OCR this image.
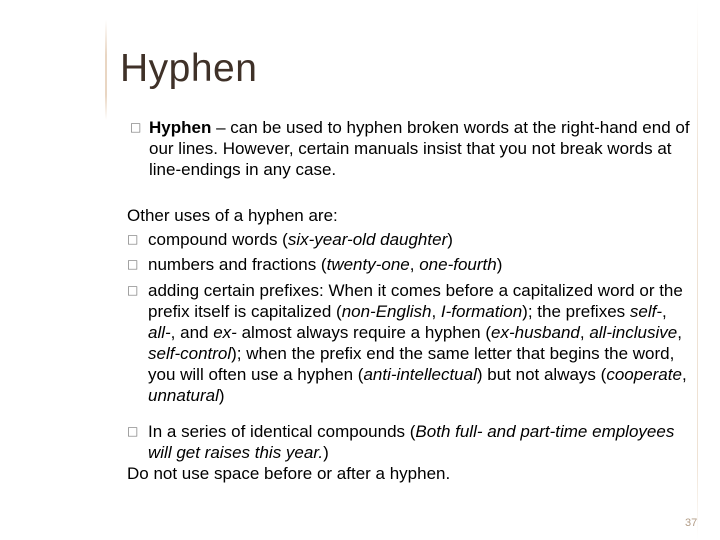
Hyphen
□ Hyphen – can be used to hyphen broken words at the right-hand end of our lines. However, certain manuals insist that you not break words at line-endings in any case.

Other uses of a hyphen are:

□ compound words (six-year-old daughter)

□ numbers and fractions (twenty-one, one-fourth)

□ adding certain prefixes: When it comes before a capitalized word or the prefix itself is capitalized (non-English, I-formation); the prefixes self-, all-, and ex- almost always require a hyphen (ex-husband, all-inclusive, self-control); when the prefix end the same letter that begins the word, you will often use a hyphen (anti-intellectual) but not always (cooperate, unnatural)

□ In a series of identical compounds (Both full- and part-time employees will get raises this year.)

Do not use space before or after a hyphen.

37
